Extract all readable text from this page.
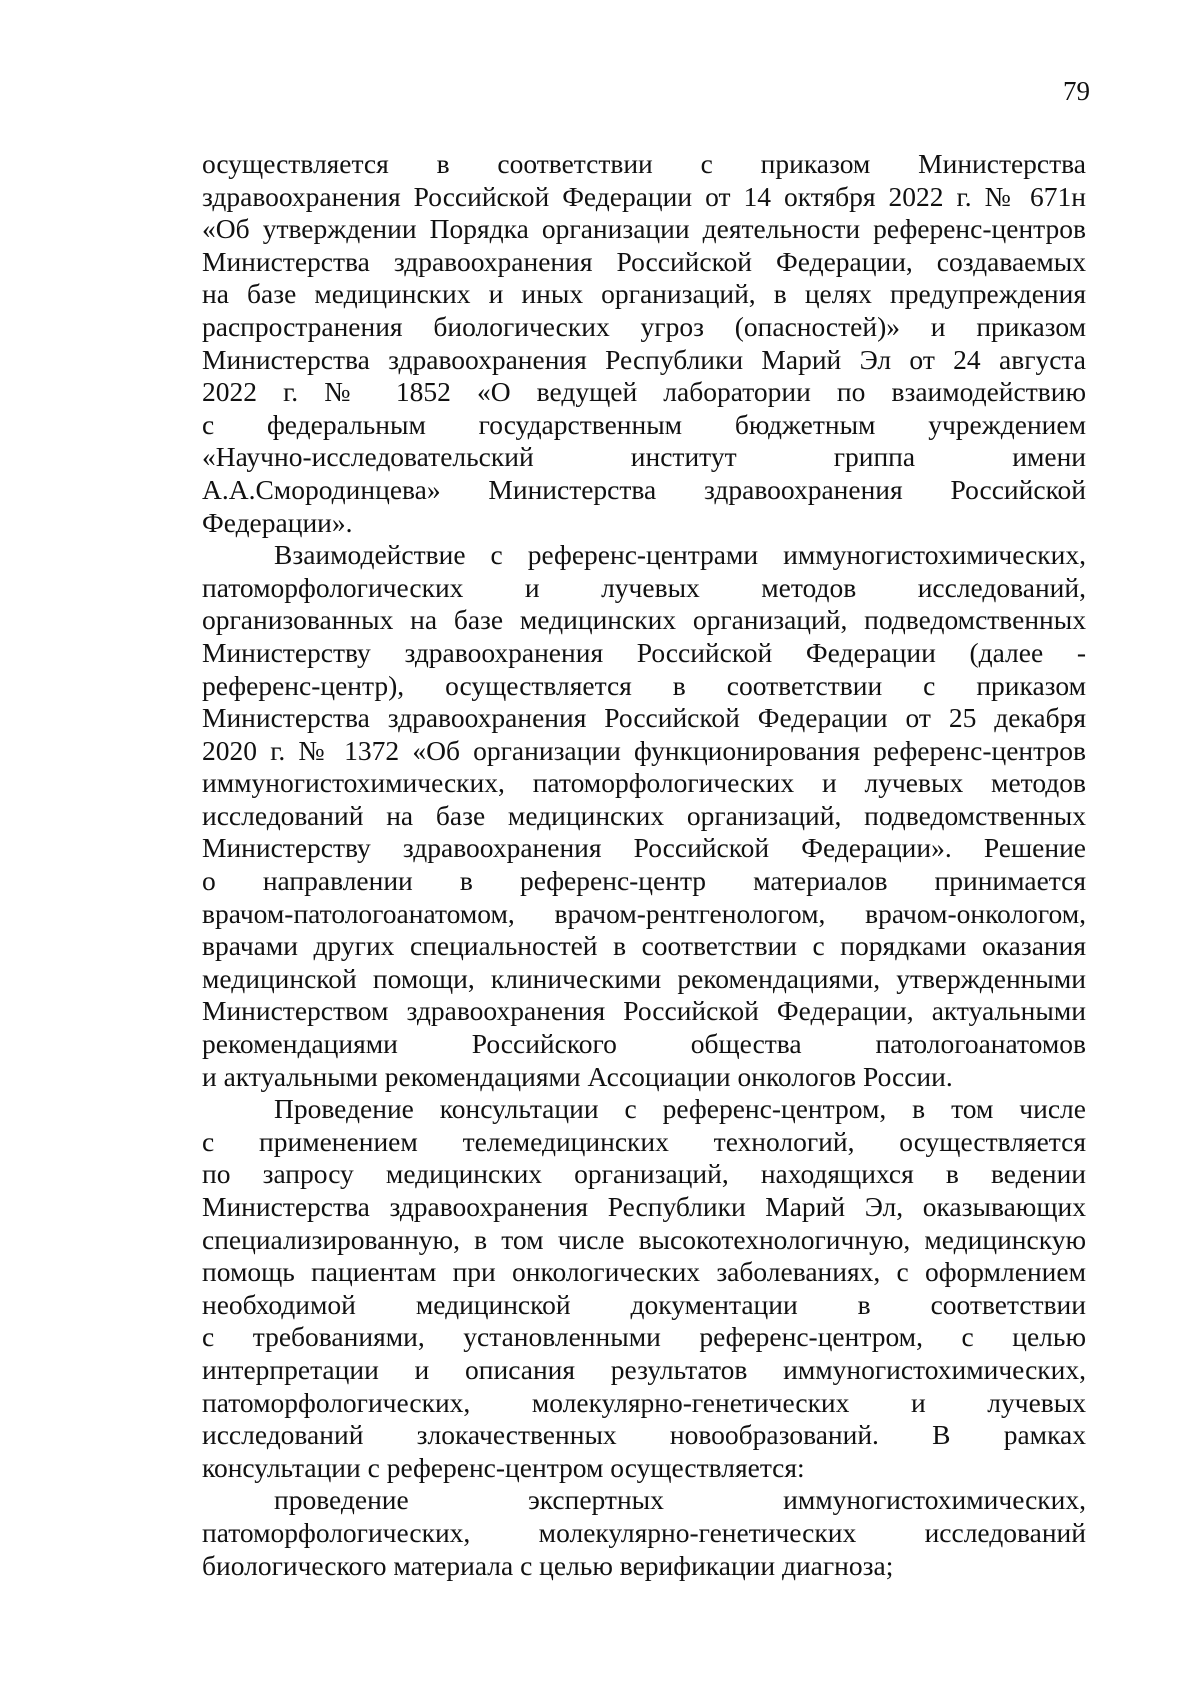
79
осуществляется в соответствии с приказом Министерства
здравоохранения Российской Федерации от 14 октября 2022 г. № 671н
«Об утверждении Порядка организации деятельности референс-центров
Министерства здравоохранения Российской Федерации, создаваемых
на базе медицинских и иных организаций, в целях предупреждения
распространения биологических угроз (опасностей)» и приказом
Министерства здравоохранения Республики Марий Эл от 24 августа
2022 г. № 1852 «О ведущей лаборатории по взаимодействию
с федеральным государственным бюджетным учреждением
«Научно-исследовательский институт гриппа имени
А.А.Смородинцева» Министерства здравоохранения Российской
Федерации».
Взаимодействие с референс-центрами иммуногистохимических,
патоморфологических и лучевых методов исследований,
организованных на базе медицинских организаций, подведомственных
Министерству здравоохранения Российской Федерации (далее -
референс-центр), осуществляется в соответствии с приказом
Министерства здравоохранения Российской Федерации от 25 декабря
2020 г. № 1372 «Об организации функционирования референс-центров
иммуногистохимических, патоморфологических и лучевых методов
исследований на базе медицинских организаций, подведомственных
Министерству здравоохранения Российской Федерации». Решение
о направлении в референс-центр материалов принимается
врачом-патологоанатомом, врачом-рентгенологом, врачом-онкологом,
врачами других специальностей в соответствии с порядками оказания
медицинской помощи, клиническими рекомендациями, утвержденными
Министерством здравоохранения Российской Федерации, актуальными
рекомендациями Российского общества патологоанатомов
и актуальными рекомендациями Ассоциации онкологов России.
Проведение консультации с референс-центром, в том числе
с применением телемедицинских технологий, осуществляется
по запросу медицинских организаций, находящихся в ведении
Министерства здравоохранения Республики Марий Эл, оказывающих
специализированную, в том числе высокотехнологичную, медицинскую
помощь пациентам при онкологических заболеваниях, с оформлением
необходимой медицинской документации в соответствии
с требованиями, установленными референс-центром, с целью
интерпретации и описания результатов иммуногистохимических,
патоморфологических, молекулярно-генетических и лучевых
исследований злокачественных новообразований. В рамках
консультации с референс-центром осуществляется:
проведение экспертных иммуногистохимических,
патоморфологических, молекулярно-генетических исследований
биологического материала с целью верификации диагноза;
